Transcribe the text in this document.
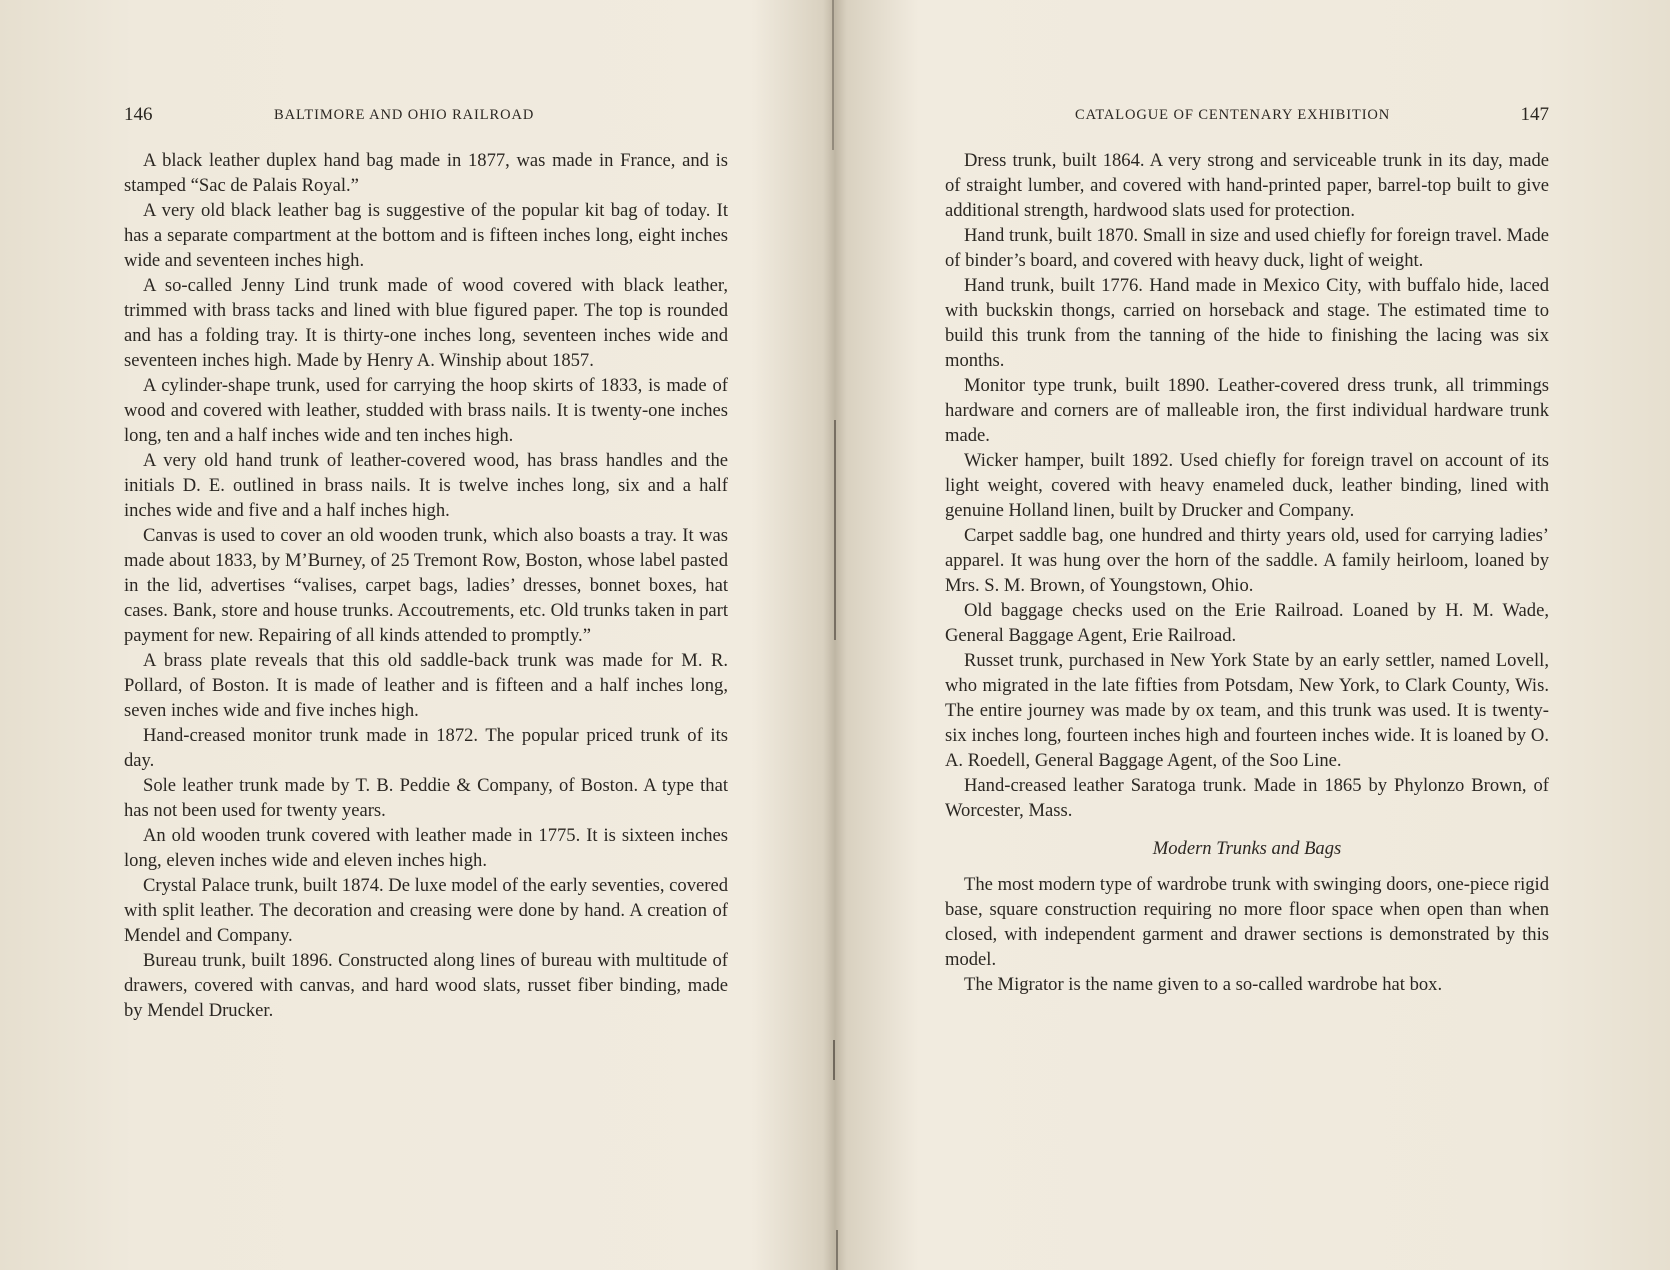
146	BALTIMORE AND OHIO RAILROAD

A black leather duplex hand bag made in 1877, was made in France, and is stamped “Sac de Palais Royal.”

A very old black leather bag is suggestive of the popular kit bag of today. It has a separate compartment at the bottom and is fifteen inches long, eight inches wide and seventeen inches high.

A so-called Jenny Lind trunk made of wood covered with black leather, trimmed with brass tacks and lined with blue figured paper. The top is rounded and has a folding tray. It is thirty-one inches long, seventeen inches wide and seventeen inches high. Made by Henry A. Winship about 1857.

A cylinder-shape trunk, used for carrying the hoop skirts of 1833, is made of wood and covered with leather, studded with brass nails. It is twenty-one inches long, ten and a half inches wide and ten inches high.

A very old hand trunk of leather-covered wood, has brass handles and the initials D. E. outlined in brass nails. It is twelve inches long, six and a half inches wide and five and a half inches high.

Canvas is used to cover an old wooden trunk, which also boasts a tray. It was made about 1833, by M’Burney, of 25 Tremont Row, Boston, whose label pasted in the lid, advertises “valises, carpet bags, ladies’ dresses, bonnet boxes, hat cases. Bank, store and house trunks. Accoutrements, etc. Old trunks taken in part payment for new. Repairing of all kinds attended to promptly.”

A brass plate reveals that this old saddle-back trunk was made for M. R. Pollard, of Boston. It is made of leather and is fifteen and a half inches long, seven inches wide and five inches high.

Hand-creased monitor trunk made in 1872. The popular priced trunk of its day.

Sole leather trunk made by T. B. Peddie & Company, of Boston. A type that has not been used for twenty years.

An old wooden trunk covered with leather made in 1775. It is sixteen inches long, eleven inches wide and eleven inches high.

Crystal Palace trunk, built 1874. De luxe model of the early seventies, covered with split leather. The decoration and creasing were done by hand. A creation of Mendel and Company.

Bureau trunk, built 1896. Constructed along lines of bureau with multitude of drawers, covered with canvas, and hard wood slats, russet fiber binding, made by Mendel Drucker.

CATALOGUE OF CENTENARY EXHIBITION	147

Dress trunk, built 1864. A very strong and serviceable trunk in its day, made of straight lumber, and covered with hand-printed paper, barrel-top built to give additional strength, hardwood slats used for protection.

Hand trunk, built 1870. Small in size and used chiefly for foreign travel. Made of binder’s board, and covered with heavy duck, light of weight.

Hand trunk, built 1776. Hand made in Mexico City, with buffalo hide, laced with buckskin thongs, carried on horseback and stage. The estimated time to build this trunk from the tanning of the hide to finishing the lacing was six months.

Monitor type trunk, built 1890. Leather-covered dress trunk, all trimmings hardware and corners are of malleable iron, the first individual hardware trunk made.

Wicker hamper, built 1892. Used chiefly for foreign travel on account of its light weight, covered with heavy enameled duck, leather binding, lined with genuine Holland linen, built by Drucker and Company.

Carpet saddle bag, one hundred and thirty years old, used for carrying ladies’ apparel. It was hung over the horn of the saddle. A family heirloom, loaned by Mrs. S. M. Brown, of Youngstown, Ohio.

Old baggage checks used on the Erie Railroad. Loaned by H. M. Wade, General Baggage Agent, Erie Railroad.

Russet trunk, purchased in New York State by an early settler, named Lovell, who migrated in the late fifties from Potsdam, New York, to Clark County, Wis. The entire journey was made by ox team, and this trunk was used. It is twenty-six inches long, fourteen inches high and fourteen inches wide. It is loaned by O. A. Roedell, General Baggage Agent, of the Soo Line.

Hand-creased leather Saratoga trunk. Made in 1865 by Phylonzo Brown, of Worcester, Mass.

Modern Trunks and Bags

The most modern type of wardrobe trunk with swinging doors, one-piece rigid base, square construction requiring no more floor space when open than when closed, with independent garment and drawer sections is demonstrated by this model.

The Migrator is the name given to a so-called wardrobe hat box.
